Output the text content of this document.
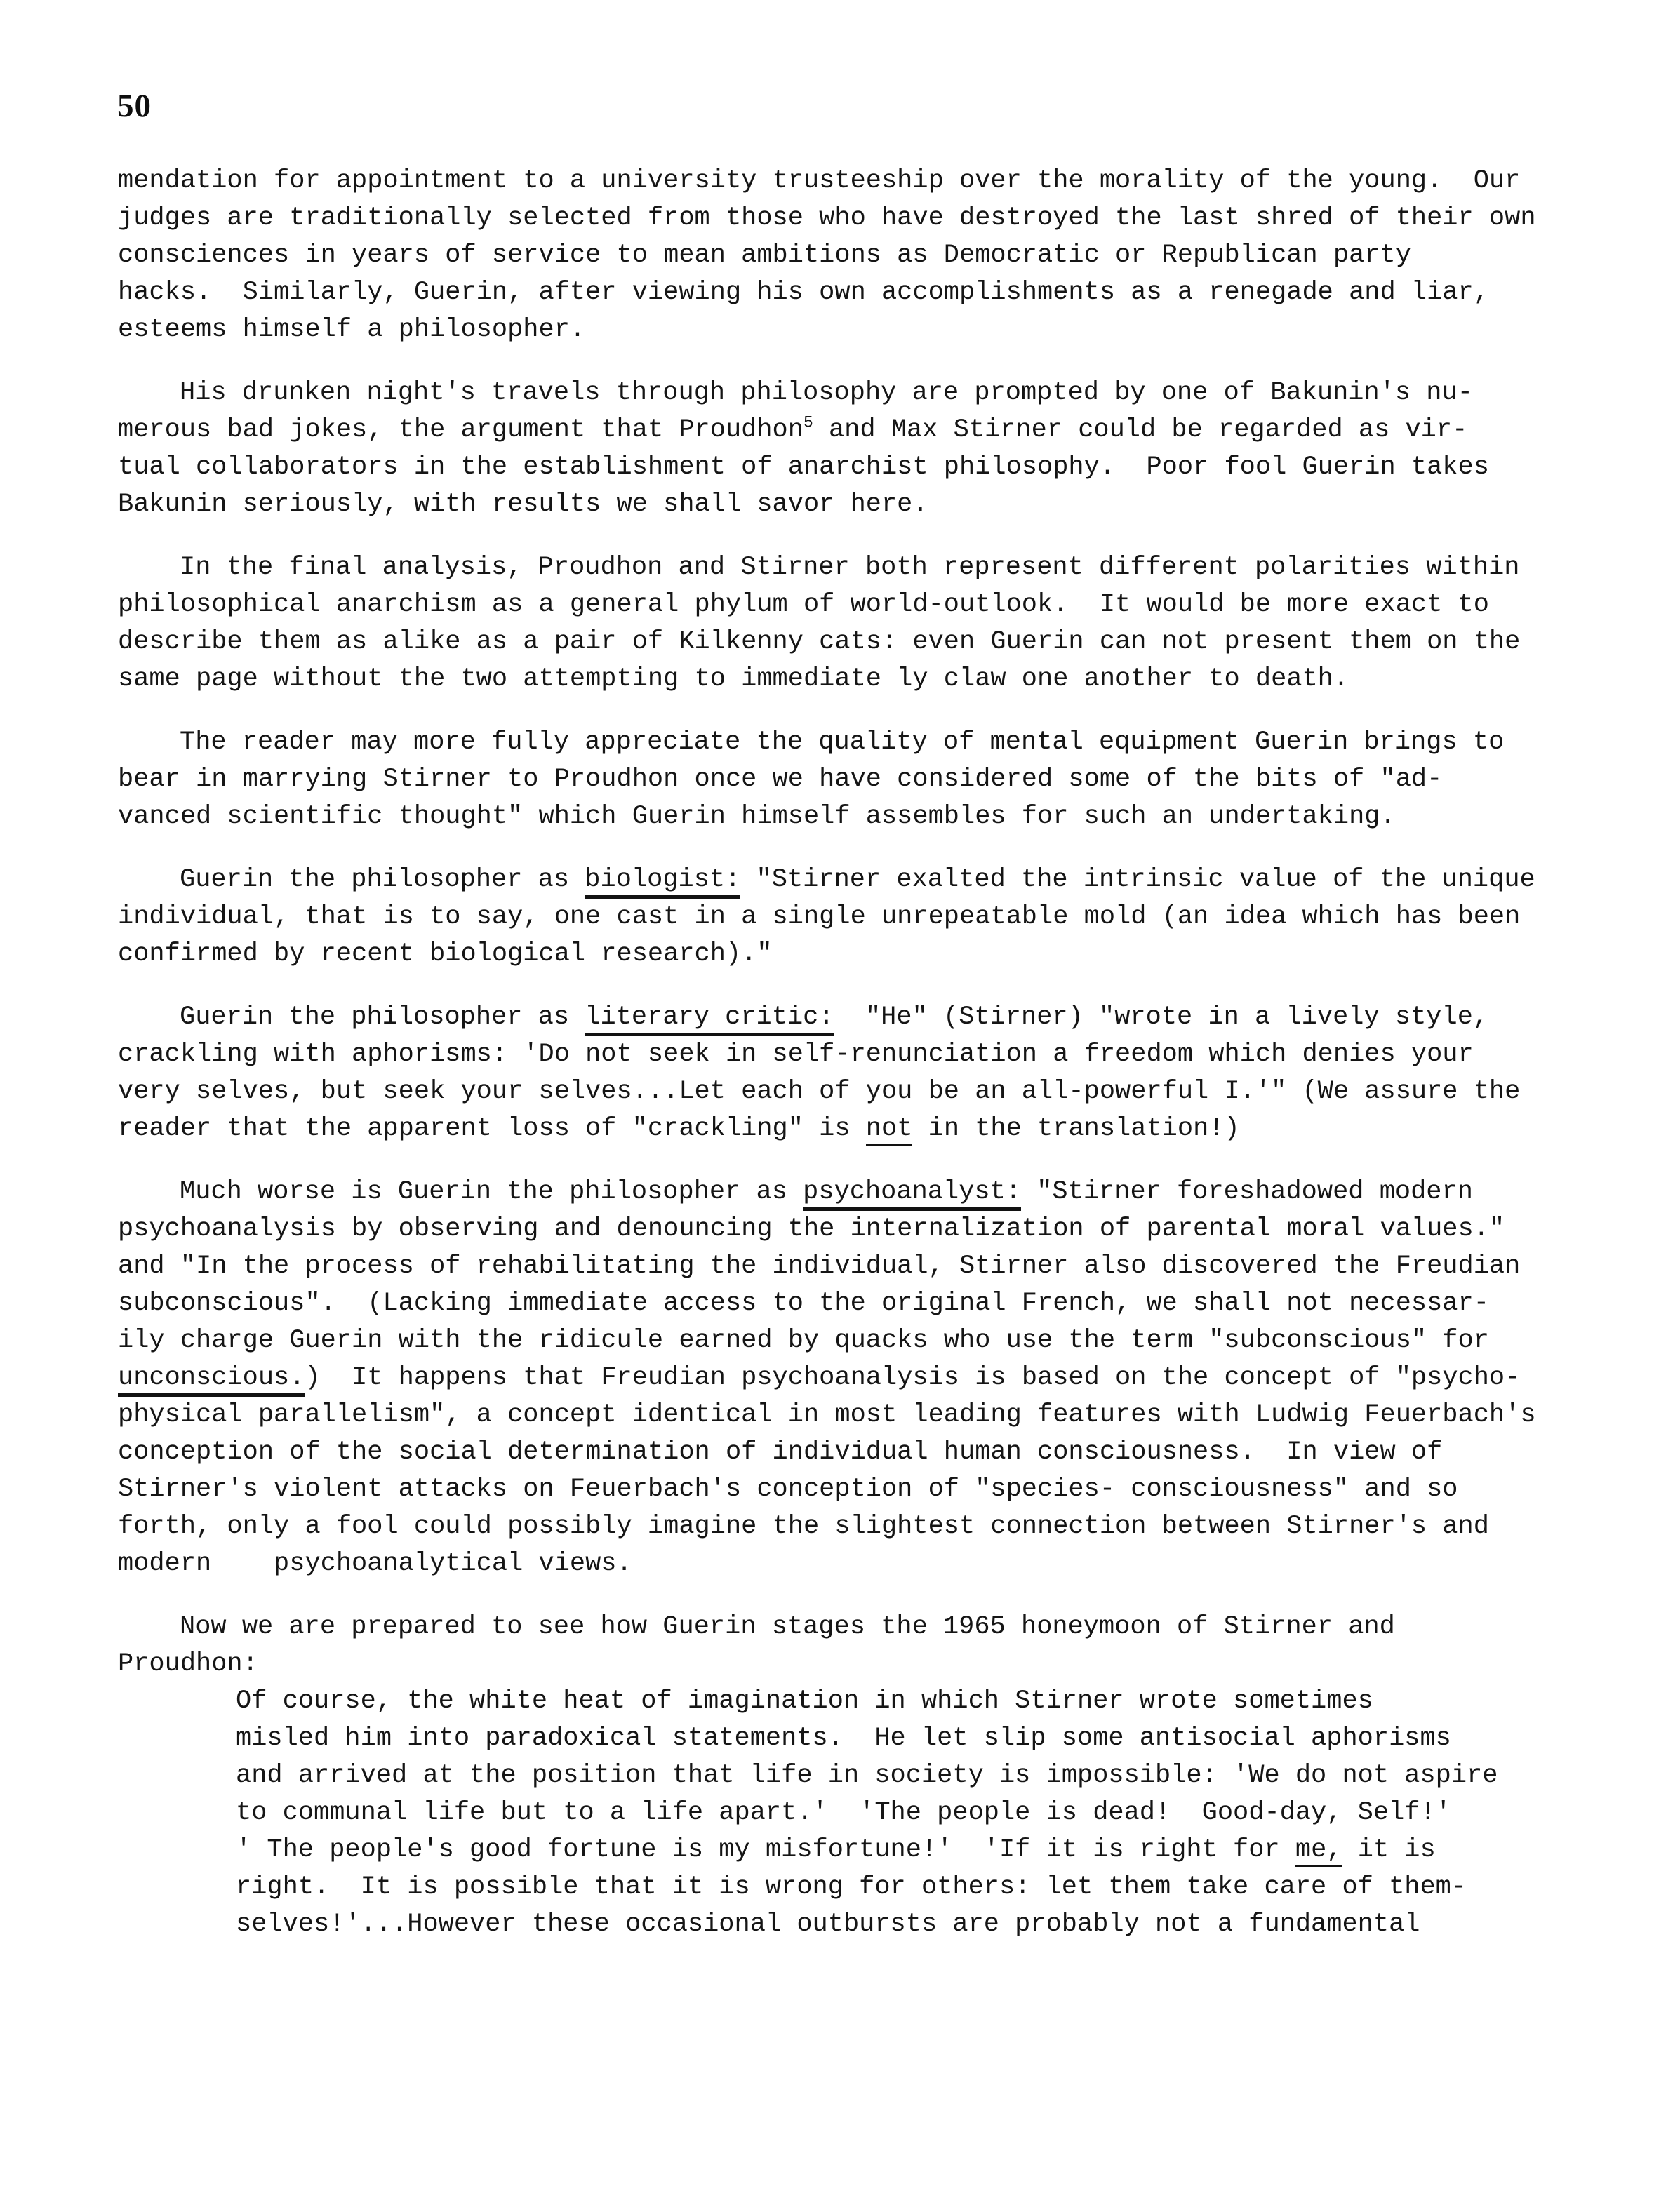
50
mendation for appointment to a university trusteeship over the morality of the young.  Our
judges are traditionally selected from those who have destroyed the last shred of their own
consciences in years of service to mean ambitions as Democratic or Republican party
hacks.  Similarly, Guerin, after viewing his own accomplishments as a renegade and liar,
esteems himself a philosopher.
His drunken night's travels through philosophy are prompted by one of Bakunin's nu-
merous bad jokes, the argument that Proudhon$^5$ and Max Stirner could be regarded as vir-
tual collaborators in the establishment of anarchist philosophy.  Poor fool Guerin takes
Bakunin seriously, with results we shall savor here.
In the final analysis, Proudhon and Stirner both represent different polarities within
philosophical anarchism as a general phylum of world-outlook.  It would be more exact to
describe them as alike as a pair of Kilkenny cats: even Guerin can not present them on the
same page without the two attempting to immediate ly claw one another to death.
The reader may more fully appreciate the quality of mental equipment Guerin brings to
bear in marrying Stirner to Proudhon once we have considered some of the bits of "ad-
vanced scientific thought" which Guerin himself assembles for such an undertaking.
Guerin the philosopher as biologist: "Stirner exalted the intrinsic value of the unique
individual, that is to say, one cast in a single unrepeatable mold (an idea which has been
confirmed by recent biological research)."
Guerin the philosopher as literary critic:  "He" (Stirner) "wrote in a lively style,
crackling with aphorisms: 'Do not seek in self-renunciation a freedom which denies your
very selves, but seek your selves...Let each of you be an all-powerful I.'" (We assure the
reader that the apparent loss of "crackling" is not in the translation!)
Much worse is Guerin the philosopher as psychoanalyst: "Stirner foreshadowed modern
psychoanalysis by observing and denouncing the internalization of parental moral values."
and "In the process of rehabilitating the individual, Stirner also discovered the Freudian
subconscious".  (Lacking immediate access to the original French, we shall not necessar-
ily charge Guerin with the ridicule earned by quacks who use the term "subconscious" for
unconscious.)  It happens that Freudian psychoanalysis is based on the concept of "psycho-
physical parallelism", a concept identical in most leading features with Ludwig Feuerbach's
conception of the social determination of individual human consciousness.  In view of
Stirner's violent attacks on Feuerbach's conception of "species- consciousness" and so
forth, only a fool could possibly imagine the slightest connection between Stirner's and
modern    psychoanalytical views.
Now we are prepared to see how Guerin stages the 1965 honeymoon of Stirner and
Proudhon:
Of course, the white heat of imagination in which Stirner wrote sometimes
misled him into paradoxical statements.  He let slip some antisocial aphorisms
and arrived at the position that life in society is impossible: 'We do not aspire
to communal life but to a life apart.'  'The people is dead!  Good-day, Self!'
' The people's good fortune is my misfortune!'  'If it is right for me, it is
right.  It is possible that it is wrong for others: let them take care of them-
selves!'...However these occasional outbursts are probably not a fundamental
